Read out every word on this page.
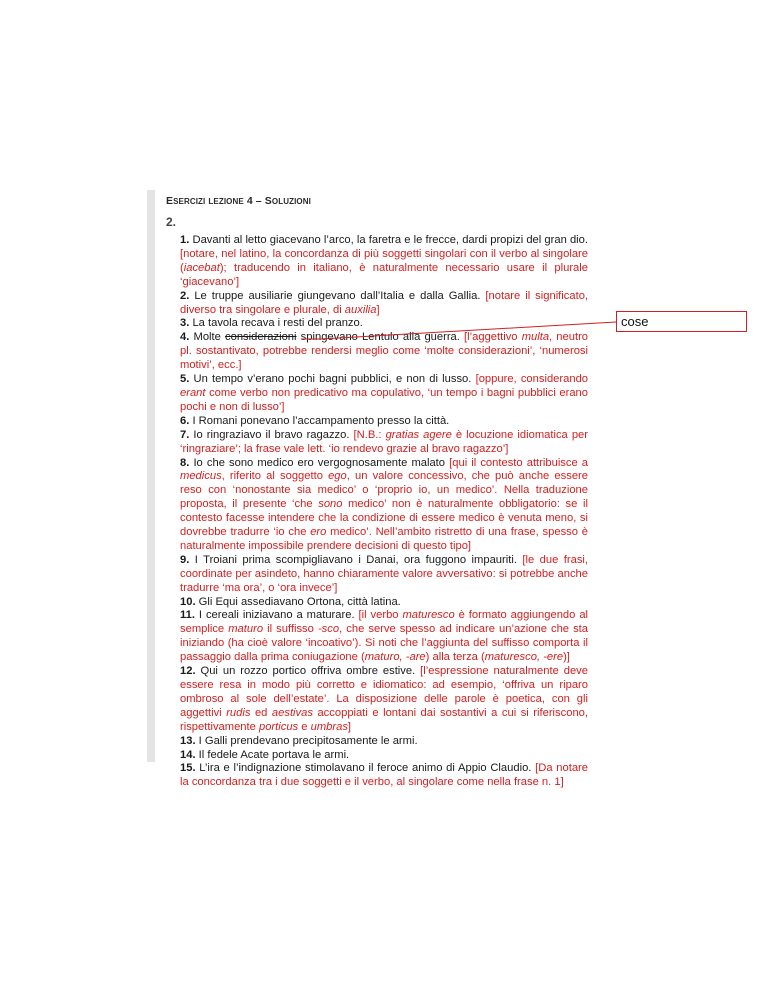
ESERCIZI LEZIONE 4 – SOLUZIONI
2.

1. Davanti al letto giacevano l’arco, la faretra e le frecce, dardi propizi del gran dio. [notare, nel latino, la concordanza di più soggetti singolari con il verbo al singolare (iacebat); traducendo in italiano, è naturalmente necessario usare il plurale ‘giacevano’]

2. Le truppe ausiliarie giungevano dall’Italia e dalla Gallia. [notare il significato, diverso tra singolare e plurale, di auxilia]

3. La tavola recava i resti del pranzo.

4. Molte considerazioni spingevano Lentulo alla guerra. [l’aggettivo multa, neutro pl. sostantivato, potrebbe rendersi meglio come ‘molte considerazioni’, ‘numerosi motivi’, ecc.]

5. Un tempo v’erano pochi bagni pubblici, e non di lusso. [oppure, considerando erant come verbo non predicativo ma copulativo, ‘un tempo i bagni pubblici erano pochi e non di lusso’]

6. I Romani ponevano l’accampamento presso la città.

7. Io ringraziavo il bravo ragazzo. [N.B.: gratias agere è locuzione idiomatica per ‘ringraziare’; la frase vale lett. ‘io rendevo grazie al bravo ragazzo’]

8. Io che sono medico ero vergognosamente malato [qui il contesto attribuisce a medicus, riferito al soggetto ego, un valore concessivo, che può anche essere reso con ‘nonostante sia medico’ o ‘proprio io, un medico’. Nella traduzione proposta, il presente ‘che sono medico’ non è naturalmente obbligatorio: se il contesto facesse intendere che la condizione di essere medico è venuta meno, si dovrebbe tradurre ‘io che ero medico’. Nell’ambito ristretto di una frase, spesso è naturalmente impossibile prendere decisioni di questo tipo]

9. I Troiani prima scompigliavano i Danai, ora fuggono impauriti. [le due frasi, coordinate per asindeto, hanno chiaramente valore avversativo: si potrebbe anche tradurre ‘ma ora’, o ‘ora invece’]

10. Gli Equi assediavano Ortona, città latina.

11. I cereali iniziavano a maturare. [il verbo maturesco è formato aggiungendo al semplice maturo il suffisso -sco, che serve spesso ad indicare un’azione che sta iniziando (ha cioè valore ‘incoativo’). Si noti che l’aggiunta del suffisso comporta il passaggio dalla prima coniugazione (maturo, -are) alla terza (maturesco, -ere)]

12. Qui un rozzo portico offriva ombre estive. [l’espressione naturalmente deve essere resa in modo più corretto e idiomatico: ad esempio, ‘offriva un riparo ombroso al sole dell’estate’. La disposizione delle parole è poetica, con gli aggettivi rudis ed aestivas accoppiati e lontani dai sostantivi a cui si riferiscono, rispettivamente porticus e umbras]

13. I Galli prendevano precipitosamente le armi.

14. Il fedele Acate portava le armi.

15. L’ira e l’indignazione stimolavano il feroce animo di Appio Claudio. [Da notare la concordanza tra i due soggetti e il verbo, al singolare come nella frase n. 1]

cose
